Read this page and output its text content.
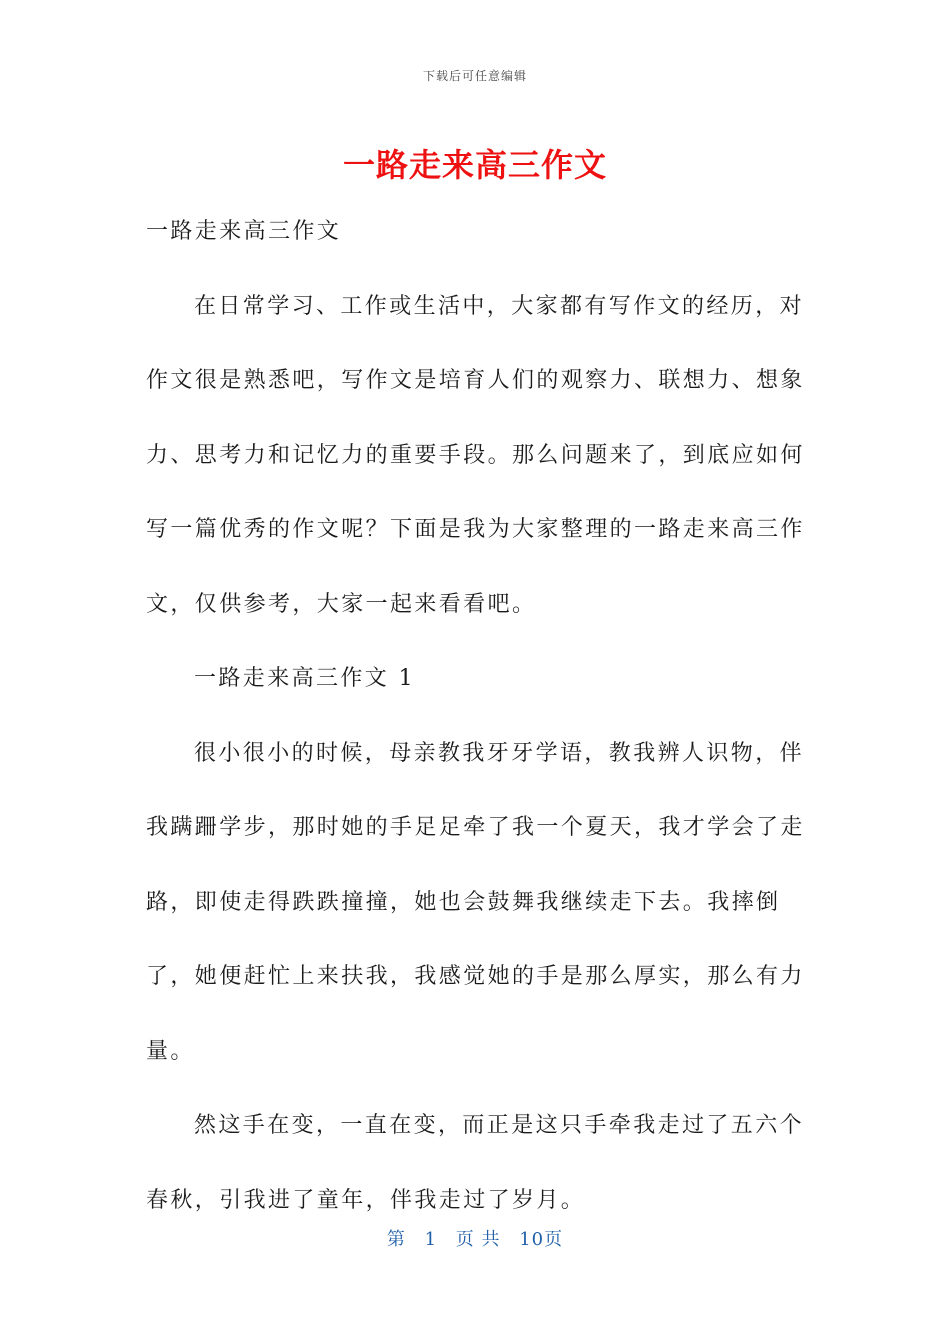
下载后可任意编辑
一路走来高三作文

一路走来高三作文

在日常学习、工作或生活中，大家都有写作文的经历，对作文很是熟悉吧，写作文是培育人们的观察力、联想力、想象力、思考力和记忆力的重要手段。那么问题来了，到底应如何写一篇优秀的作文呢？下面是我为大家整理的一路走来高三作文，仅供参考，大家一起来看看吧。

一路走来高三作文 1

很小很小的时候，母亲教我牙牙学语，教我辨人识物，伴我蹒跚学步，那时她的手足足牵了我一个夏天，我才学会了走路，即使走得跌跌撞撞，她也会鼓舞我继续走下去。我摔倒了，她便赶忙上来扶我，我感觉她的手是那么厚实，那么有力量。

然这手在变，一直在变，而正是这只手牵我走过了五六个春秋，引我进了童年，伴我走过了岁月。

第 1 页 共 10页
